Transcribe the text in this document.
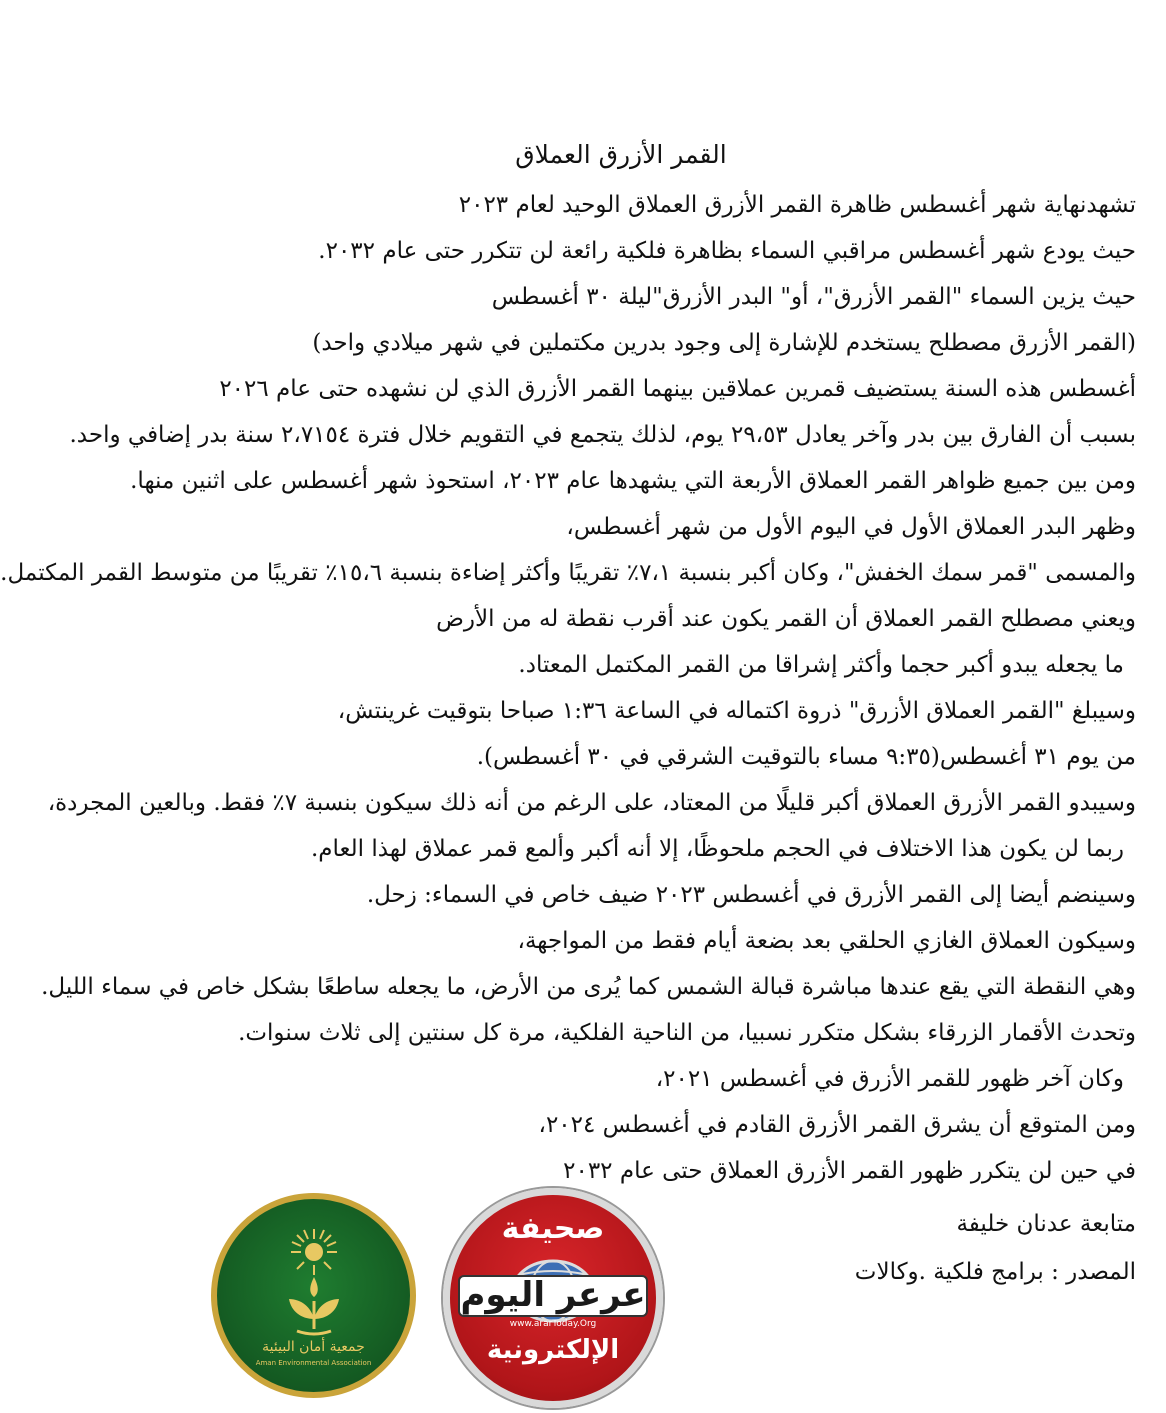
القمر الأزرق العملاق
تشهدنهاية شهر أغسطس ظاهرة القمر الأزرق العملاق الوحيد لعام ٢٠٢٣
حيث يودع شهر أغسطس مراقبي السماء بظاهرة فلكية رائعة لن تتكرر حتى عام ٢٠٣٢.
حيث يزين السماء "القمر الأزرق"، أو" البدر الأزرق"ليلة ٣٠ أغسطس
(القمر الأزرق مصطلح يستخدم للإشارة إلى وجود بدرين مكتملين في شهر ميلادي واحد)
أغسطس هذه السنة يستضيف قمرين عملاقين بينهما القمر الأزرق الذي لن نشهده حتى عام ٢٠٢٦
بسبب أن الفارق بين بدر وآخر يعادل ٢٩،٥٣ يوم، لذلك يتجمع في التقويم خلال فترة ٢،٧١٥٤ سنة بدر إضافي واحد.
ومن بين جميع ظواهر القمر العملاق الأربعة التي يشهدها عام ٢٠٢٣، استحوذ شهر أغسطس على اثنين منها.
وظهر البدر العملاق الأول في اليوم الأول من شهر أغسطس،
والمسمى "قمر سمك الخفش"، وكان أكبر بنسبة ٧،١٪ تقريبًا وأكثر إضاءة بنسبة ١٥،٦٪ تقريبًا من متوسط القمر المكتمل.
ويعني مصطلح القمر العملاق أن القمر يكون عند أقرب نقطة له من الأرض
ما يجعله يبدو أكبر حجما وأكثر إشراقا من القمر المكتمل المعتاد.
وسيبلغ "القمر العملاق الأزرق" ذروة اكتماله في الساعة ١:٣٦ صباحا بتوقيت غرينتش،
من يوم ٣١ أغسطس(٩:٣٥ مساء بالتوقيت الشرقي في ٣٠ أغسطس).
وسيبدو القمر الأزرق العملاق أكبر قليلًا من المعتاد، على الرغم من أنه ذلك سيكون بنسبة ٧٪ فقط. وبالعين المجردة،
ربما لن يكون هذا الاختلاف في الحجم ملحوظًا، إلا أنه أكبر وألمع قمر عملاق لهذا العام.
وسينضم أيضا إلى القمر الأزرق في أغسطس ٢٠٢٣ ضيف خاص في السماء: زحل.
وسيكون العملاق الغازي الحلقي بعد بضعة أيام فقط من المواجهة،
وهي النقطة التي يقع عندها مباشرة قبالة الشمس كما يُرى من الأرض، ما يجعله ساطعًا بشكل خاص في سماء الليل.
وتحدث الأقمار الزرقاء بشكل متكرر نسبيا، من الناحية الفلكية، مرة كل سنتين إلى ثلاث سنوات.
وكان آخر ظهور للقمر الأزرق في أغسطس ٢٠٢١،
ومن المتوقع أن يشرق القمر الأزرق القادم في أغسطس ٢٠٢٤،
في حين لن يتكرر ظهور القمر الأزرق العملاق حتى عام ٢٠٣٢
متابعة عدنان خليفة
المصدر : برامج فلكية .وكالات
جمعية أمان البيئية
Aman Environmental Association
صحيفة
عرعر اليوم
www.ararToday.Org
الإلكترونية
